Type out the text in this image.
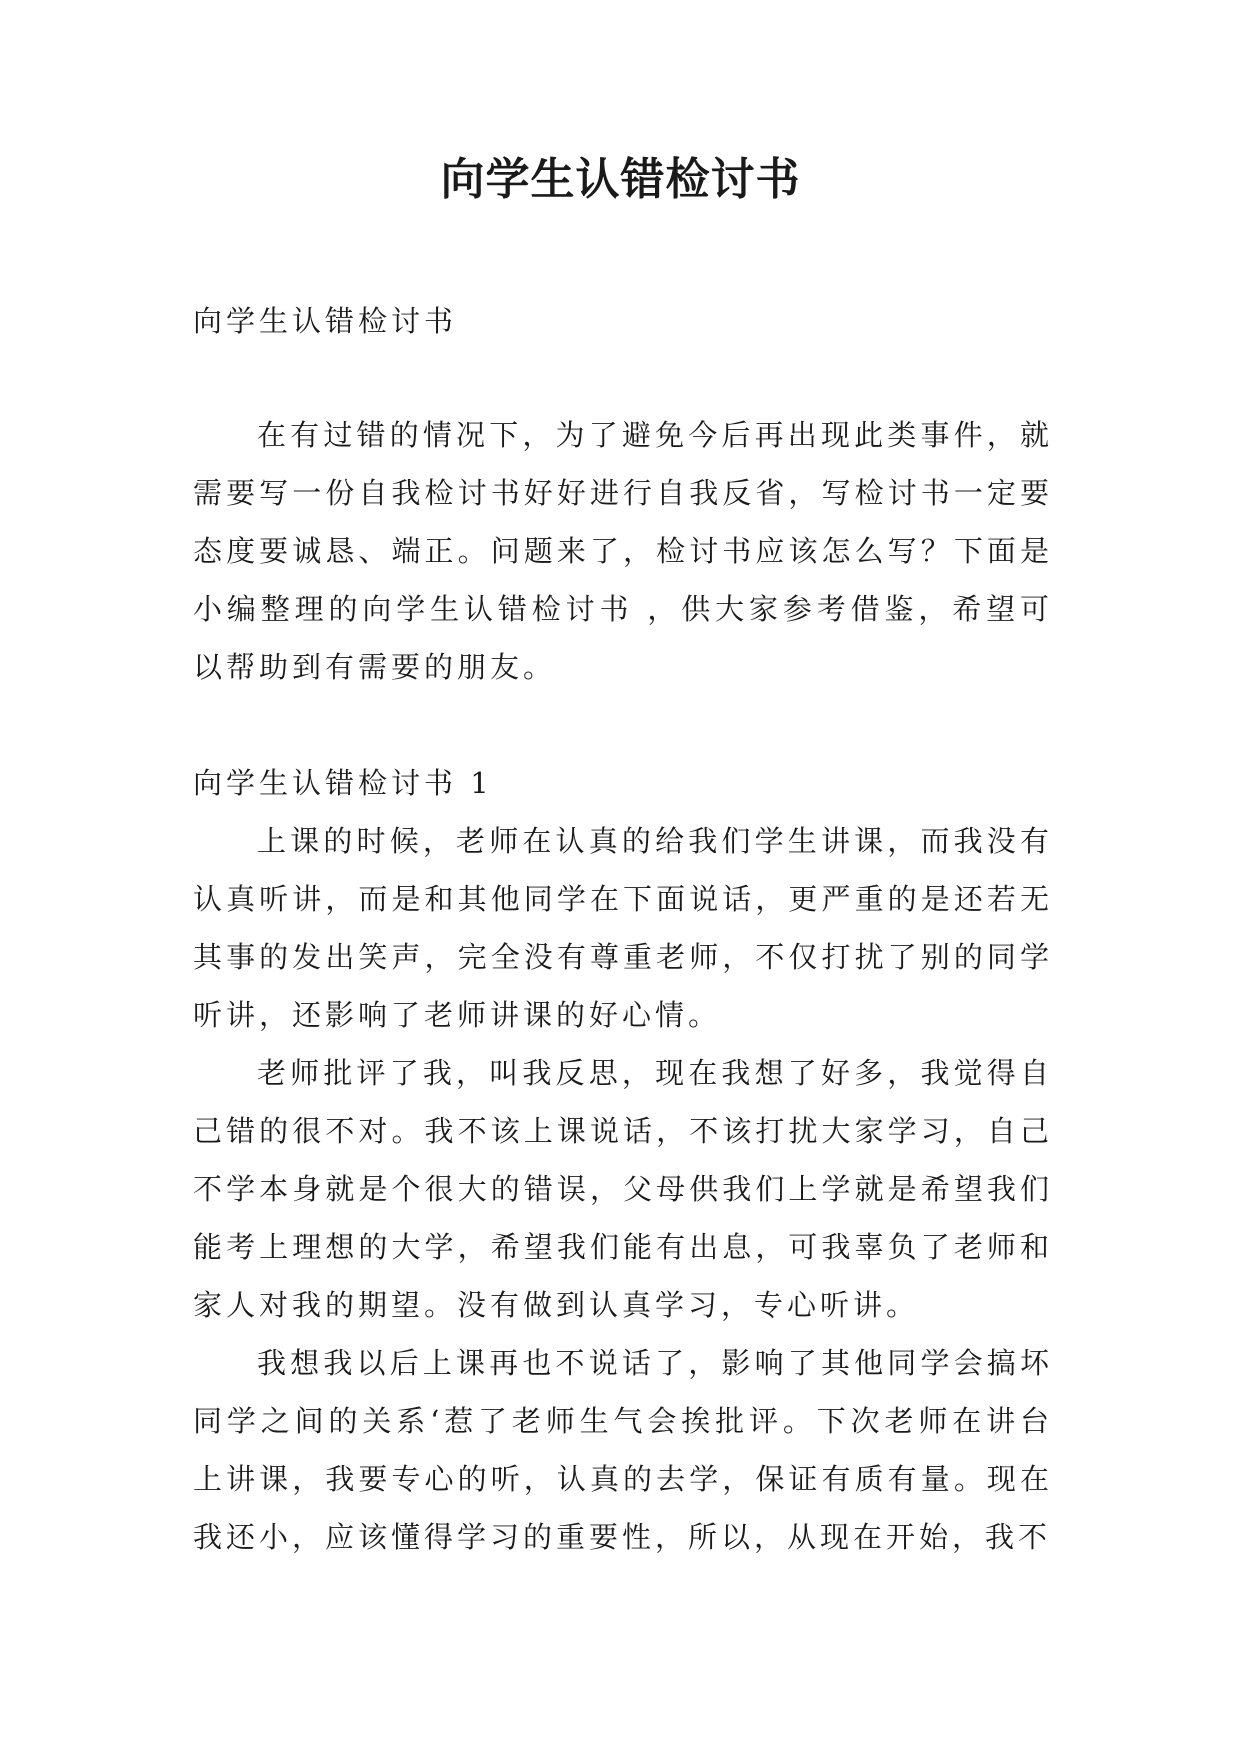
向学生认错检讨书

向学生认错检讨书

在有过错的情况下，为了避免今后再出现此类事件，就需要写一份自我检讨书好好进行自我反省，写检讨书一定要态度要诚恳、端正。问题来了，检讨书应该怎么写？下面是小编整理的向学生认错检讨书 ，供大家参考借鉴，希望可以帮助到有需要的朋友。

向学生认错检讨书 1

上课的时候，老师在认真的给我们学生讲课，而我没有认真听讲，而是和其他同学在下面说话，更严重的是还若无其事的发出笑声，完全没有尊重老师，不仅打扰了别的同学听讲，还影响了老师讲课的好心情。

老师批评了我，叫我反思，现在我想了好多，我觉得自己错的很不对。我不该上课说话，不该打扰大家学习，自己不学本身就是个很大的错误，父母供我们上学就是希望我们能考上理想的大学，希望我们能有出息，可我辜负了老师和家人对我的期望。没有做到认真学习，专心听讲。

我想我以后上课再也不说话了，影响了其他同学会搞坏同学之间的关系‘惹了老师生气会挨批评。下次老师在讲台上讲课，我要专心的听，认真的去学，保证有质有量。现在我还小，应该懂得学习的重要性，所以，从现在开始，我不
